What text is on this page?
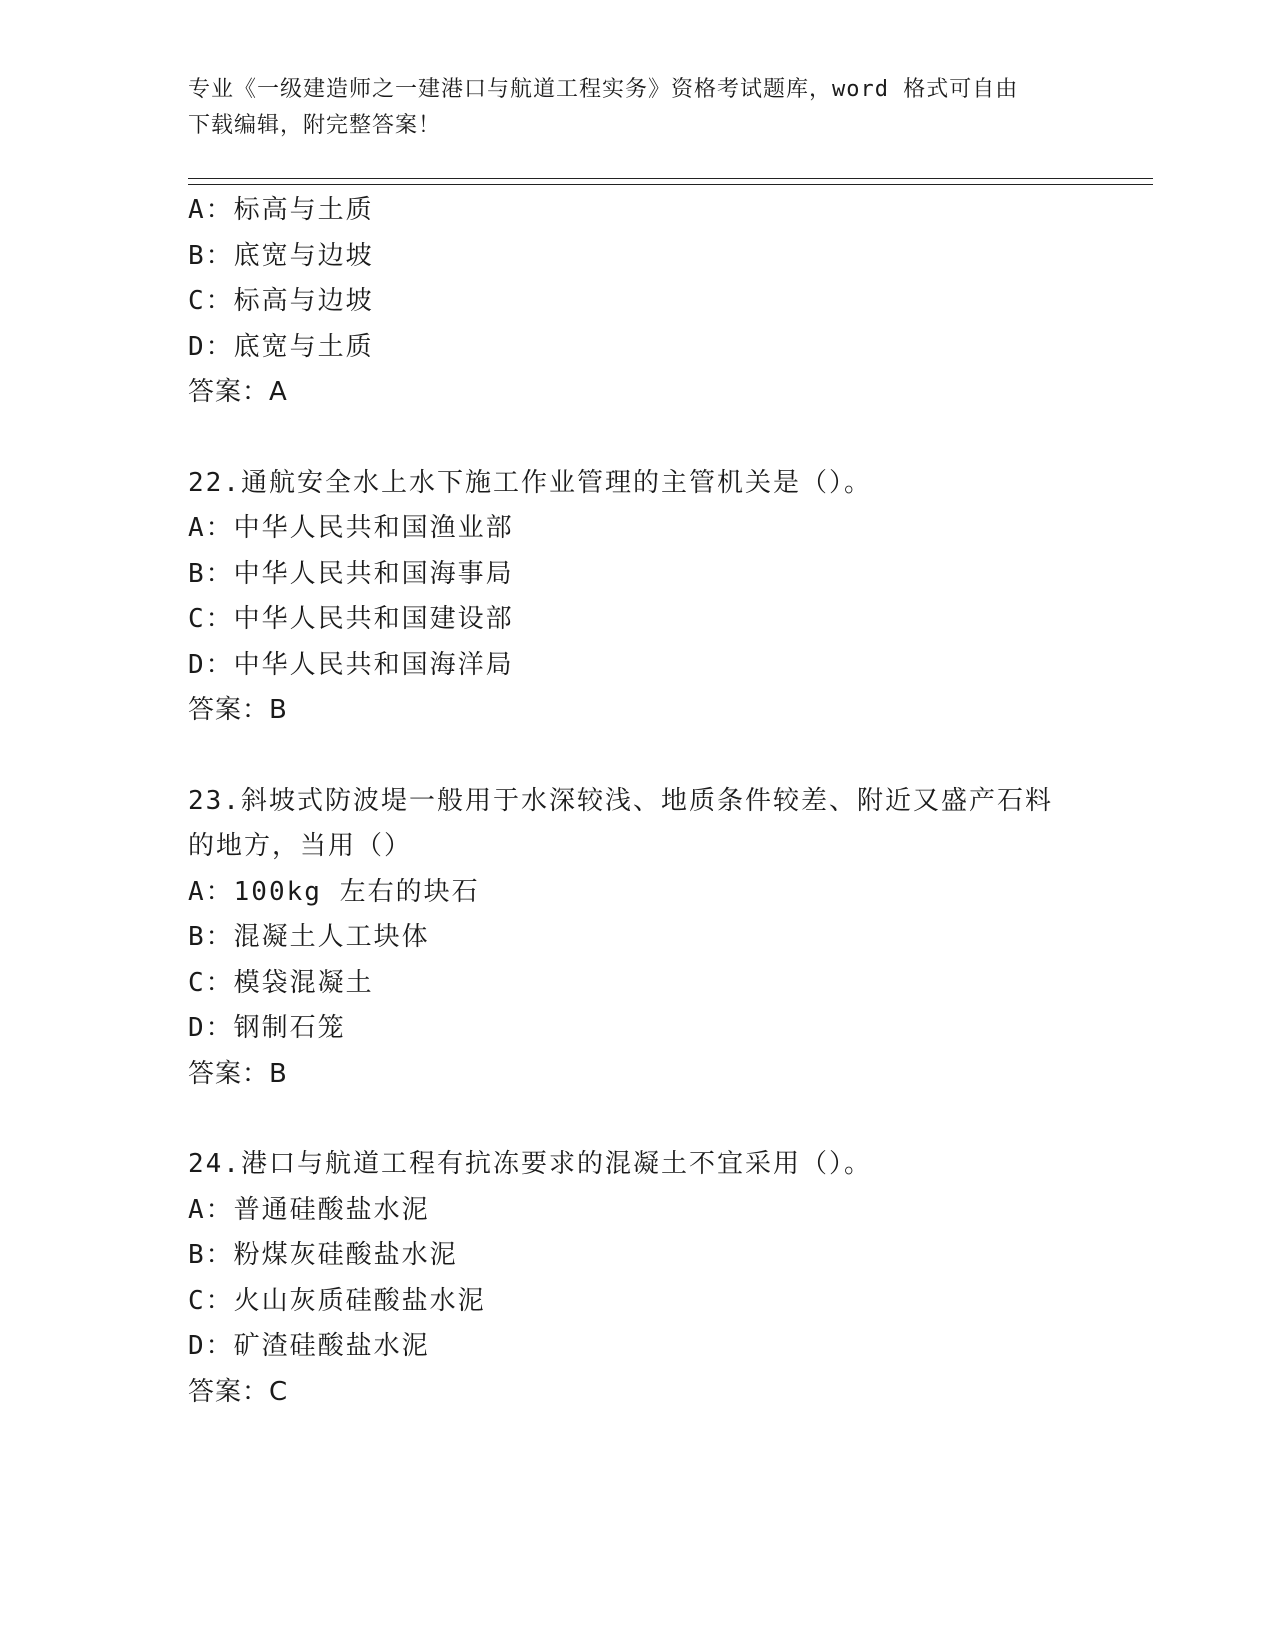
专业《一级建造师之一建港口与航道工程实务》资格考试题库，word 格式可自由
下载编辑，附完整答案！
A：标高与土质
B：底宽与边坡
C：标高与边坡
D：底宽与土质
答案：A
22.通航安全水上水下施工作业管理的主管机关是（）。
A：中华人民共和国渔业部
B：中华人民共和国海事局
C：中华人民共和国建设部
D：中华人民共和国海洋局
答案：B
23.斜坡式防波堤一般用于水深较浅、地质条件较差、附近又盛产石料
的地方，当用（）
A：100kg 左右的块石
B：混凝土人工块体
C：模袋混凝土
D：钢制石笼
答案：B
24.港口与航道工程有抗冻要求的混凝土不宜采用（）。
A：普通硅酸盐水泥
B：粉煤灰硅酸盐水泥
C：火山灰质硅酸盐水泥
D：矿渣硅酸盐水泥
答案：C
